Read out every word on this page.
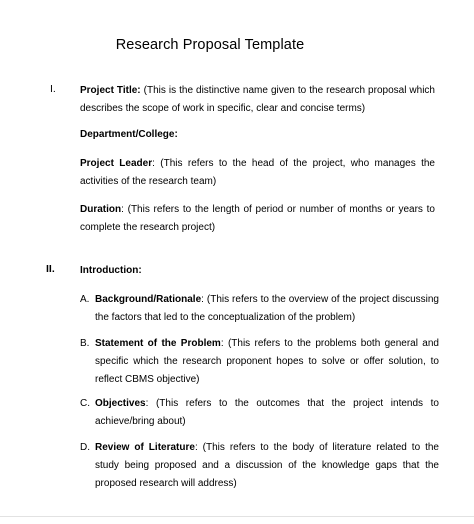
Research Proposal Template
I. Project Title: (This is the distinctive name given to the research proposal which describes the scope of work in specific, clear and concise terms)
Department/College:
Project Leader: (This refers to the head of the project, who manages the activities of the research team)
Duration: (This refers to the length of period or number of months or years to complete the research project)
II.	Introduction:
A. Background/Rationale: (This refers to the overview of the project discussing the factors that led to the conceptualization of the problem)
B. Statement of the Problem: (This refers to the problems both general and specific which the research proponent hopes to solve or offer solution, to reflect CBMS objective)
C. Objectives: (This refers to the outcomes that the project intends to achieve/bring about)
D. Review of Literature: (This refers to the body of literature related to the study being proposed and a discussion of the knowledge gaps that the proposed research will address)
